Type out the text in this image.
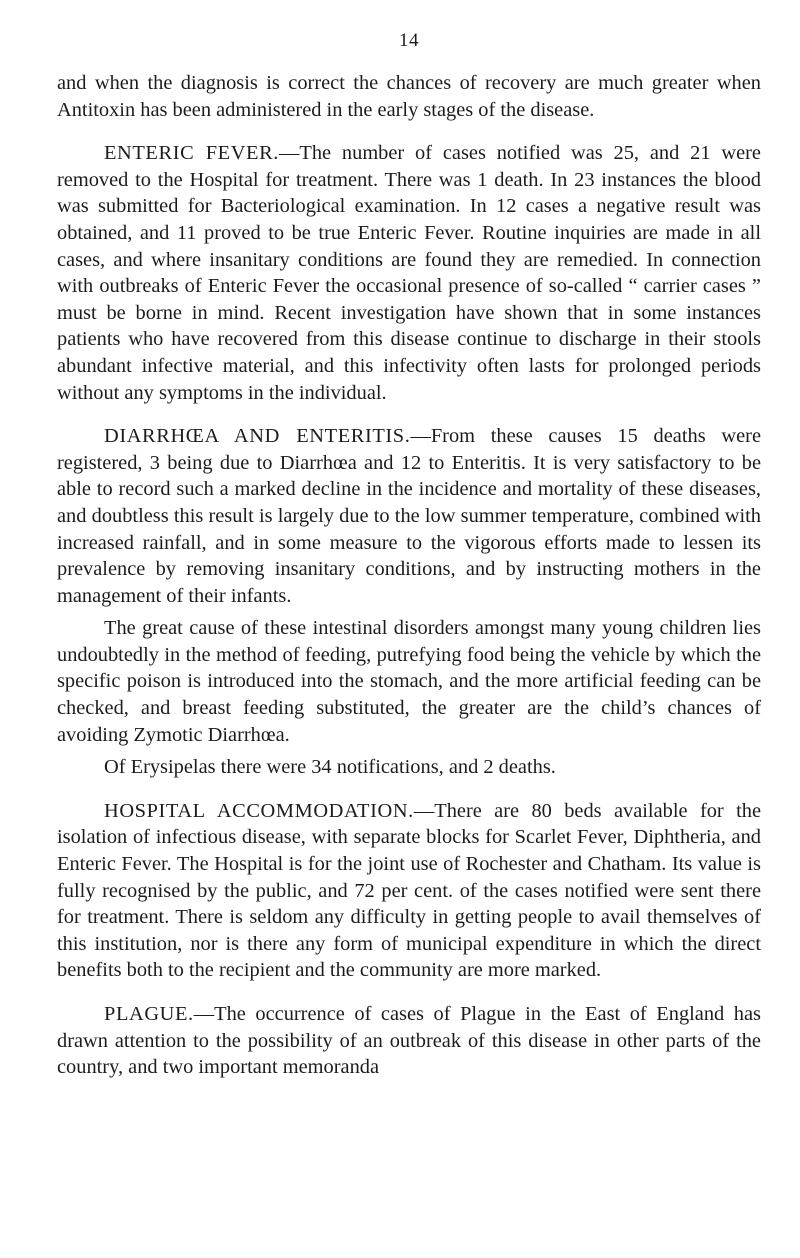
14

and when the diagnosis is correct the chances of recovery are much greater when Antitoxin has been administered in the early stages of the disease.

ENTERIC FEVER.—The number of cases notified was 25, and 21 were removed to the Hospital for treatment. There was 1 death. In 23 instances the blood was submitted for Bacteriological examination. In 12 cases a negative result was obtained, and 11 proved to be true Enteric Fever. Routine inquiries are made in all cases, and where insanitary conditions are found they are remedied. In connection with outbreaks of Enteric Fever the occasional presence of so-called “ carrier cases ” must be borne in mind. Recent investigation have shown that in some instances patients who have recovered from this disease continue to discharge in their stools abundant infective material, and this infectivity often lasts for prolonged periods without any symptoms in the individual.

DIARRHŒA AND ENTERITIS.—From these causes 15 deaths were registered, 3 being due to Diarrhœa and 12 to Enteritis. It is very satisfactory to be able to record such a marked decline in the incidence and mortality of these diseases, and doubtless this result is largely due to the low summer temperature, combined with increased rainfall, and in some measure to the vigorous efforts made to lessen its prevalence by removing insanitary conditions, and by instructing mothers in the management of their infants.

The great cause of these intestinal disorders amongst many young children lies undoubtedly in the method of feeding, putrefying food being the vehicle by which the specific poison is introduced into the stomach, and the more artificial feeding can be checked, and breast feeding substituted, the greater are the child’s chances of avoiding Zymotic Diarrhœa.

Of Erysipelas there were 34 notifications, and 2 deaths.

HOSPITAL ACCOMMODATION.—There are 80 beds available for the isolation of infectious disease, with separate blocks for Scarlet Fever, Diphtheria, and Enteric Fever. The Hospital is for the joint use of Rochester and Chatham. Its value is fully recognised by the public, and 72 per cent. of the cases notified were sent there for treatment. There is seldom any difficulty in getting people to avail themselves of this institution, nor is there any form of municipal expenditure in which the direct benefits both to the recipient and the community are more marked.

PLAGUE.—The occurrence of cases of Plague in the East of England has drawn attention to the possibility of an outbreak of this disease in other parts of the country, and two important memoranda
